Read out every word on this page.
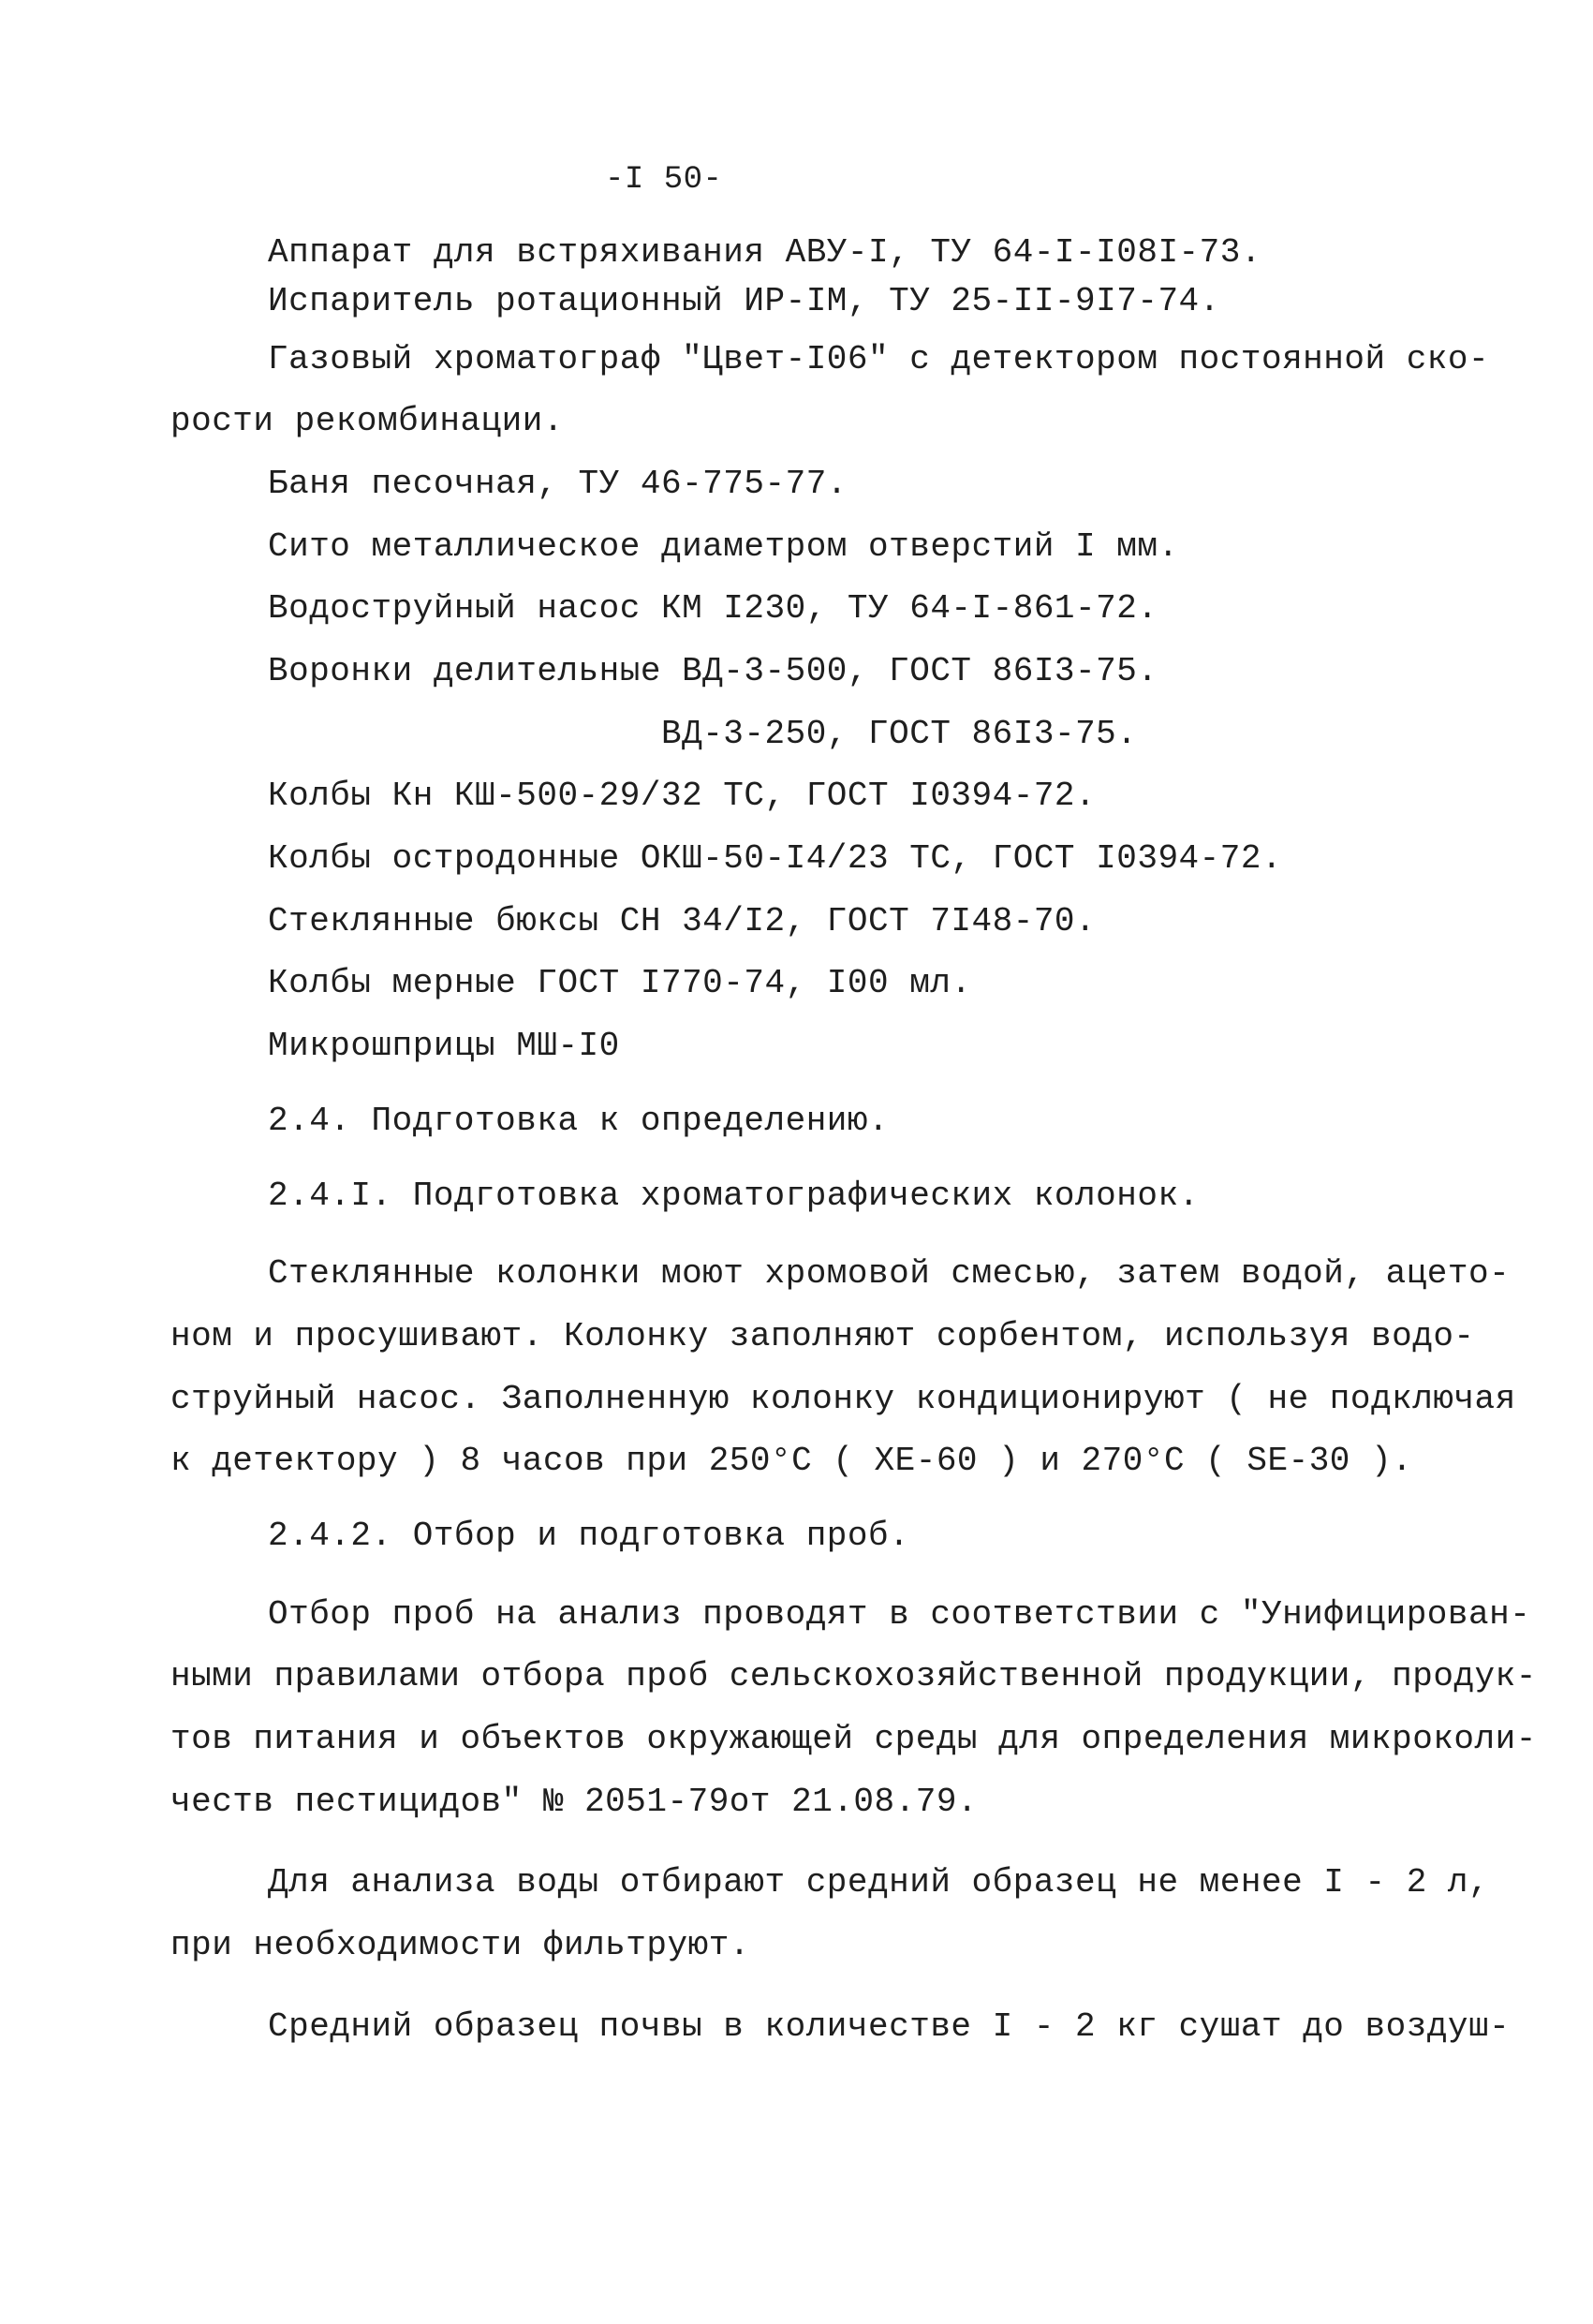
-I 50-
Аппарат для встряхивания АВУ-I, ТУ 64-I-I08I-73.
Испаритель ротационный ИР-IМ, ТУ 25-II-9I7-74.
Газовый хроматограф "Цвет-I06" с детектором постоянной ско-
рости рекомбинации.
Баня песочная, ТУ 46-775-77.
Сито металлическое диаметром отверстий I мм.
Водоструйный насос КМ I230, ТУ 64-I-861-72.
Воронки делительные ВД-3-500, ГОСТ 86I3-75.
ВД-3-250, ГОСТ 86I3-75.
Колбы Кн КШ-500-29/32 ТС, ГОСТ I0394-72.
Колбы остродонные ОКШ-50-I4/23 ТС, ГОСТ I0394-72.
Стеклянные бюксы СН 34/I2, ГОСТ 7I48-70.
Колбы мерные ГОСТ I770-74, I00 мл.
Микрошприцы МШ-I0
2.4. Подготовка к определению.
2.4.I. Подготовка хроматографических колонок.
Стеклянные колонки моют хромовой смесью, затем водой, ацето-
ном и просушивают. Колонку заполняют сорбентом, используя водо-
струйный насос. Заполненную колонку кондиционируют ( не подключая
к детектору ) 8 часов при 250°С ( ХЕ-60 ) и 270°С ( SE-30 ).
2.4.2. Отбор и подготовка проб.
Отбор проб на анализ проводят в соответствии с "Унифицирован-
ными правилами отбора проб сельскохозяйственной продукции, продук-
тов питания и объектов окружающей среды для определения микроколи-
честв пестицидов" № 2051-79от 21.08.79.
Для анализа воды отбирают средний образец не менее I - 2 л,
при необходимости фильтруют.
Средний образец почвы в количестве I - 2 кг сушат до воздуш-
